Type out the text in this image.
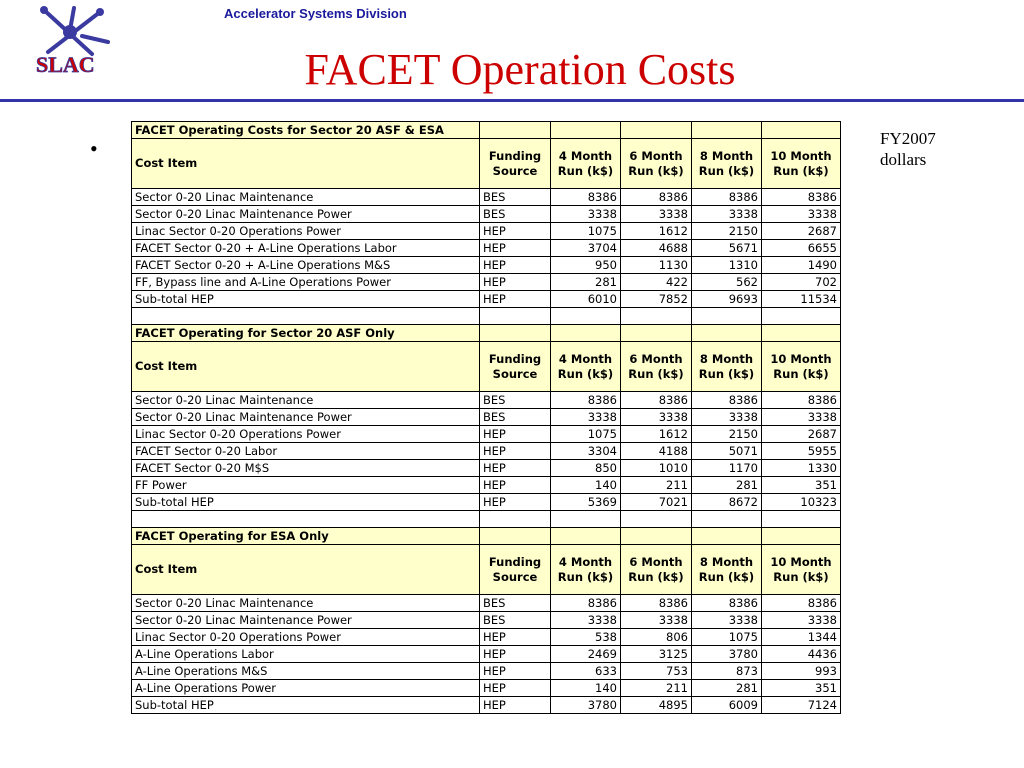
SLAC
Accelerator Systems Division
FACET Operation Costs
•	FY2007
dollars
FACET Operating Costs for Sector 20 ASF & ESA					
Cost Item	Funding Source	4 Month Run (k$)	6 Month Run (k$)	8 Month Run (k$)	10 Month Run (k$)
Sector 0-20 Linac Maintenance	BES	8386	8386	8386	8386
Sector 0-20 Linac Maintenance Power	BES	3338	3338	3338	3338
Linac Sector 0-20 Operations Power	HEP	1075	1612	2150	2687
FACET Sector 0-20 + A-Line Operations Labor	HEP	3704	4688	5671	6655
FACET Sector 0-20 + A-Line Operations M&S	HEP	950	1130	1310	1490
FF, Bypass line and A-Line Operations Power	HEP	281	422	562	702
Sub-total HEP	HEP	6010	7852	9693	11534

FACET Operating for Sector 20 ASF Only					
Cost Item	Funding Source	4 Month Run (k$)	6 Month Run (k$)	8 Month Run (k$)	10 Month Run (k$)
Sector 0-20 Linac Maintenance	BES	8386	8386	8386	8386
Sector 0-20 Linac Maintenance Power	BES	3338	3338	3338	3338
Linac Sector 0-20 Operations Power	HEP	1075	1612	2150	2687
FACET Sector 0-20 Labor	HEP	3304	4188	5071	5955
FACET Sector 0-20 M$S	HEP	850	1010	1170	1330
FF Power	HEP	140	211	281	351
Sub-total HEP	HEP	5369	7021	8672	10323

FACET Operating for ESA Only					
Cost Item	Funding Source	4 Month Run (k$)	6 Month Run (k$)	8 Month Run (k$)	10 Month Run (k$)
Sector 0-20 Linac Maintenance	BES	8386	8386	8386	8386
Sector 0-20 Linac Maintenance Power	BES	3338	3338	3338	3338
Linac Sector 0-20 Operations Power	HEP	538	806	1075	1344
A-Line Operations Labor	HEP	2469	3125	3780	4436
A-Line Operations M&S	HEP	633	753	873	993
A-Line Operations Power	HEP	140	211	281	351
Sub-total HEP	HEP	3780	4895	6009	7124
